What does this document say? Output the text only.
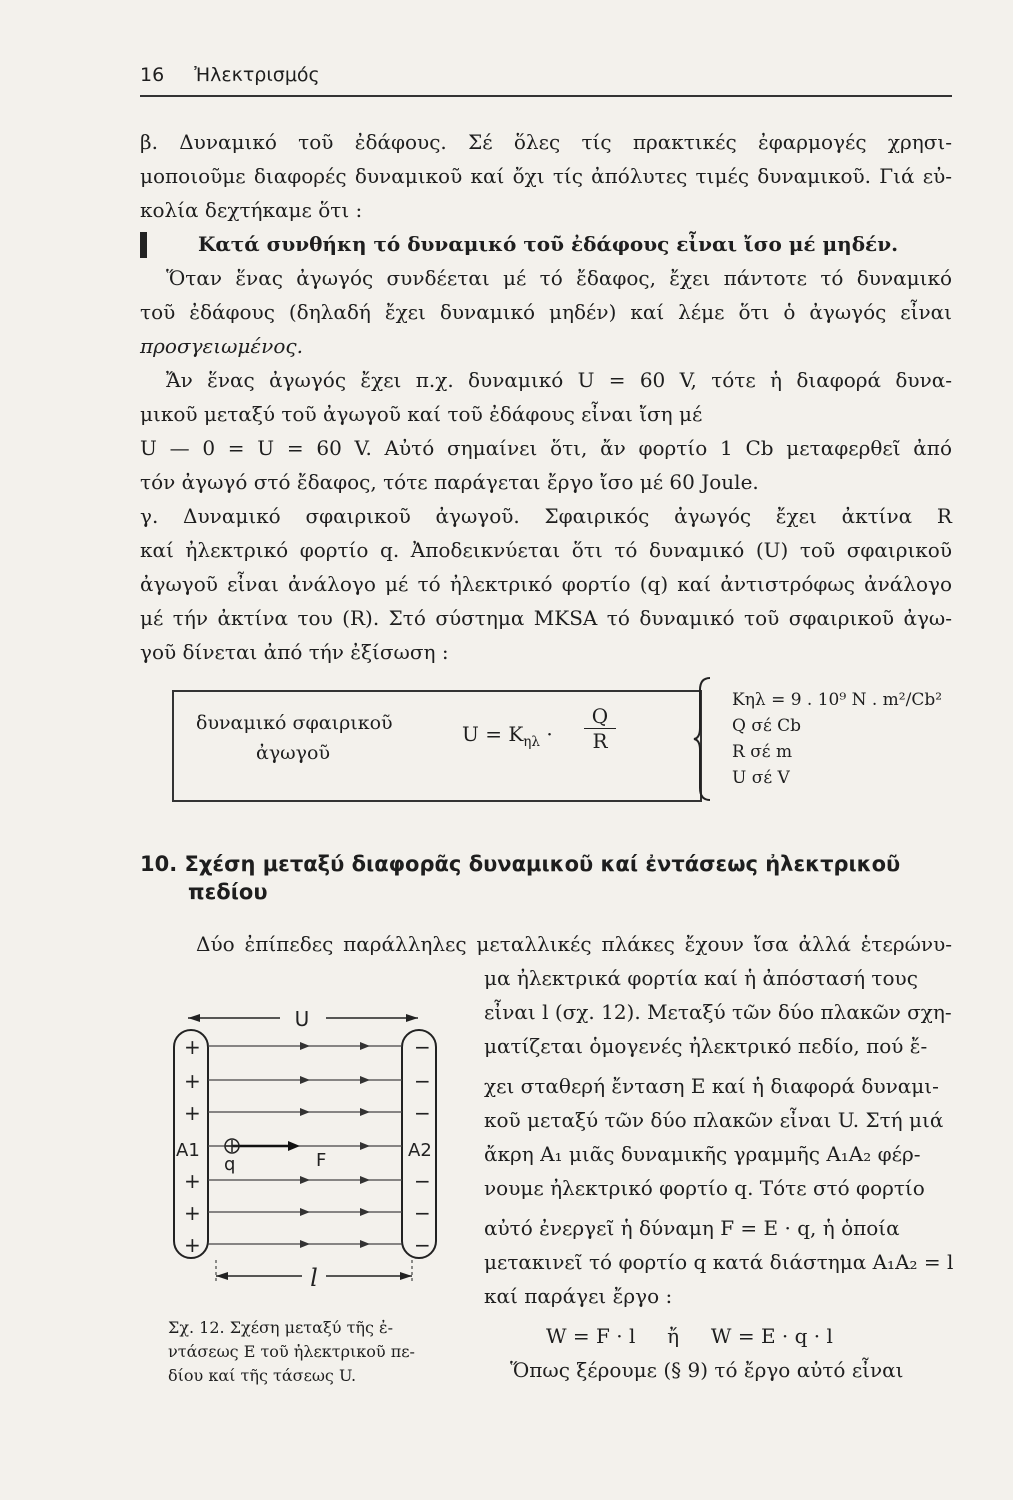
16 Ἠλεκτρισμός
β. Δυναμικό τοῦ ἐδάφους. Σέ ὅλες τίς πρακτικές ἐφαρμογές χρησι-
μοποιοῦμε διαφορές δυναμικοῦ καί ὄχι τίς ἀπόλυτες τιμές δυναμικοῦ. Γιά εὐ-
κολία δεχτήκαμε ὅτι :
Κατά συνθήκη τό δυναμικό τοῦ ἐδάφους εἶναι ἴσο μέ μηδέν.
Ὅταν ἕνας ἀγωγός συνδέεται μέ τό ἔδαφος, ἔχει πάντοτε τό δυναμικό
τοῦ ἐδάφους (δηλαδή ἔχει δυναμικό μηδέν) καί λέμε ὅτι ὁ ἀγωγός εἶναι
προσγειωμένος.
Ἄν ἕνας ἀγωγός ἔχει π.χ. δυναμικό U = 60 V, τότε ἡ διαφορά δυνα-
μικοῦ μεταξύ τοῦ ἀγωγοῦ καί τοῦ ἐδάφους εἶναι ἴση μέ
U — 0 = U = 60 V. Αὐτό σημαίνει ὅτι, ἄν φορτίο 1 Cb μεταφερθεῖ ἀπό
τόν ἀγωγό στό ἔδαφος, τότε παράγεται ἔργο ἴσο μέ 60 Joule.
γ. Δυναμικό σφαιρικοῦ ἀγωγοῦ. Σφαιρικός ἀγωγός ἔχει ἀκτίνα R
καί ἠλεκτρικό φορτίο q. Ἀποδεικνύεται ὅτι τό δυναμικό (U) τοῦ σφαιρικοῦ
ἀγωγοῦ εἶναι ἀνάλογο μέ τό ἠλεκτρικό φορτίο (q) καί ἀντιστρόφως ἀνάλογο
μέ τήν ἀκτίνα του (R). Στό σύστημα MKSA τό δυναμικό τοῦ σφαιρικοῦ ἀγω-
γοῦ δίνεται ἀπό τήν ἐξίσωση :
δυναμικό σφαιρικοῦ
ἀγωγοῦ
$U = K_{\eta\lambda} \cdot \frac{Q}{R}$
Kηλ = 9 . 10⁹ N . m²/Cb²
Q σέ Cb
R σέ m
U σέ V
10. Σχέση μεταξύ διαφορᾶς δυναμικοῦ καί ἐντάσεως ἠλεκτρικοῦ
πεδίου
Δύο ἐπίπεδες παράλληλες μεταλλικές πλάκες ἔχουν ἴσα ἀλλά ἑτερώνυ-
μα ἠλεκτρικά φορτία καί ἡ ἀπόστασή τους
εἶναι l (σχ. 12). Μεταξύ τῶν δύο πλακῶν σχη-
ματίζεται ὁμογενές ἠλεκτρικό πεδίο, πού ἔ-
χει σταθερή ἔνταση E καί ἡ διαφορά δυναμι-
κοῦ μεταξύ τῶν δύο πλακῶν εἶναι U. Στή μιά
ἄκρη A₁ μιᾶς δυναμικῆς γραμμῆς A₁A₂ φέρ-
νουμε ἠλεκτρικό φορτίο q. Τότε στό φορτίο
αὐτό ἐνεργεῖ ἡ δύναμη F = E · q, ἡ ὁποία
μετακινεῖ τό φορτίο q κατά διάστημα A₁A₂ = l
καί παράγει ἔργο :
W = F · l     ἤ     W = E · q · l
Ὅπως ξέρουμε (§ 9) τό ἔργο αὐτό εἶναι
U
+
+
+
+
+
+
−
−
−
−
−
−
A1	A2
q	F
l
Σχ. 12. Σχέση μεταξύ τῆς ἐ-
ντάσεως E τοῦ ἠλεκτρικοῦ πε-
δίου καί τῆς τάσεως U.
